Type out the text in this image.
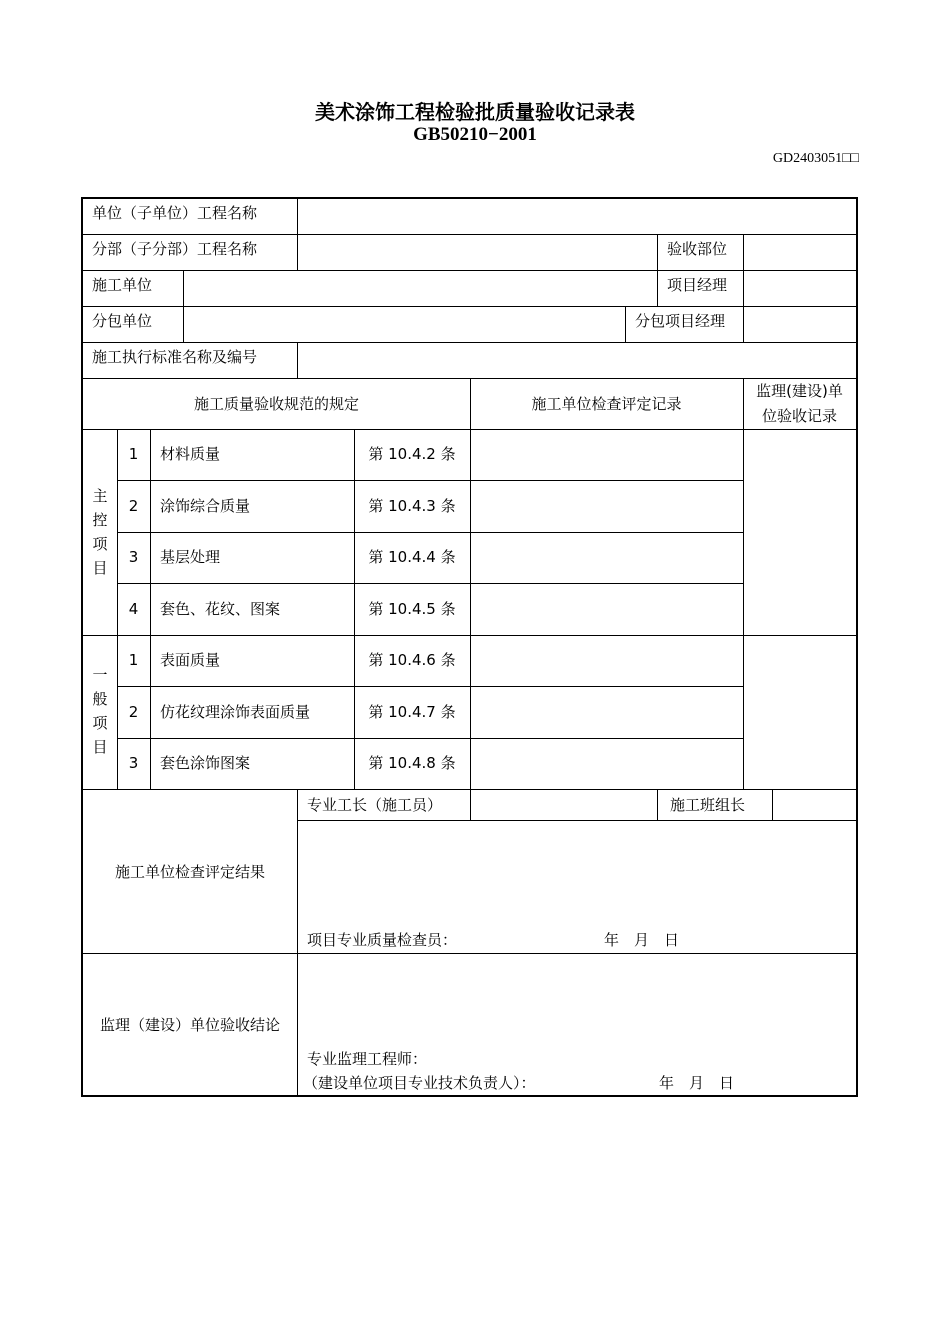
美术涂饰工程检验批质量验收记录表
GB50210−2001
GD2403051□□
单位（子单位）工程名称
分部（子分部）工程名称	验收部位
施工单位	项目经理
分包单位	分包项目经理
施工执行标准名称及编号
施工质量验收规范的规定	施工单位检查评定记录
监理(建设)单
位验收记录
主
控
项
目
1	材料质量	第 10.4.2 条
2	涂饰综合质量	第 10.4.3 条
3	基层处理	第 10.4.4 条
4	套色、花纹、图案	第 10.4.5 条
一
般
项
目
1	表面质量	第 10.4.6 条
2	仿花纹理涂饰表面质量	第 10.4.7 条
3	套色涂饰图案	第 10.4.8 条
施工单位检查评定结果
专业工长（施工员）	施工班组长
项目专业质量检查员：	年　月　日
监理（建设）单位验收结论
专业监理工程师：
（建设单位项目专业技术负责人）：	年　月　日
